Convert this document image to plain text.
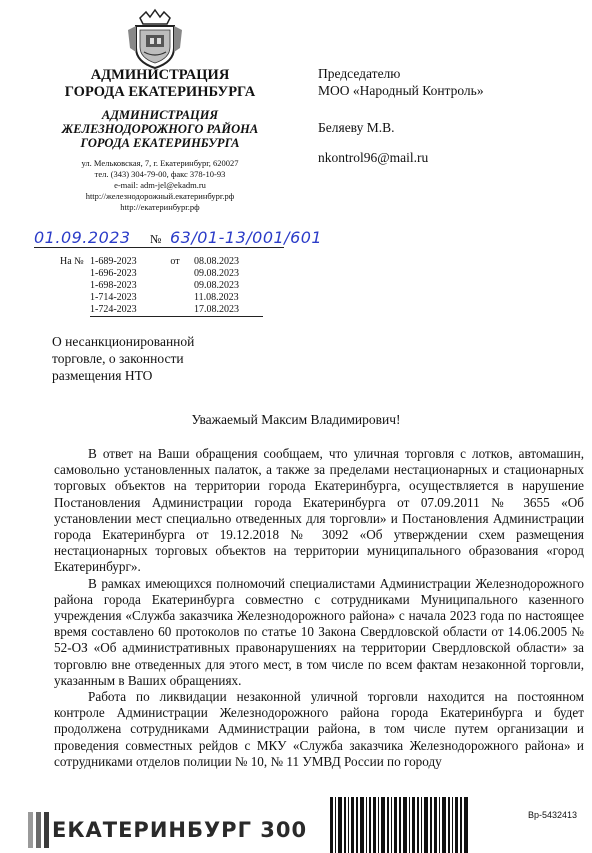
АДМИНИСТРАЦИЯ
ГОРОДА ЕКАТЕРИНБУРГА
АДМИНИСТРАЦИЯ
ЖЕЛЕЗНОДОРОЖНОГО РАЙОНА
ГОРОДА ЕКАТЕРИНБУРГА
ул. Мельковская, 7, г. Екатеринбург, 620027
тел. (343) 304-79-00, факс 378-10-93
e-mail: adm-jel@ekadm.ru
http://железнодорожный.екатеринбург.рф
http://екатеринбург.рф
Председателю
МОО «Народный Контроль»
Беляеву М.В.
nkontrol96@mail.ru
01.09.2023 № 63/01-13/001/601
На №	1-689-2023	от	08.08.2023
	1-696-2023		09.08.2023
	1-698-2023		09.08.2023
	1-714-2023		11.08.2023
	1-724-2023		17.08.2023
О несанкционированной
торговле, о законности
размещения НТО
Уважаемый Максим Владимирович!

В ответ на Ваши обращения сообщаем, что уличная торговля с лотков, автомашин, самовольно установленных палаток, а также за пределами нестационарных и стационарных торговых объектов на территории города Екатеринбурга, осуществляется в нарушение Постановления Администрации города Екатеринбурга от 07.09.2011 № 3655 «Об установлении мест специально отведенных для торговли» и Постановления Администрации города Екатеринбурга от 19.12.2018 № 3092 «Об утверждении схем размещения нестационарных торговых объектов на территории муниципального образования «город Екатеринбург».

В рамках имеющихся полномочий специалистами Администрации Железнодорожного района города Екатеринбурга совместно с сотрудниками Муниципального казенного учреждения «Служба заказчика Железнодорожного района» с начала 2023 года по настоящее время составлено 60 протоколов по статье 10 Закона Свердловской области от 14.06.2005 № 52-ОЗ «Об административных правонарушениях на территории Свердловской области» за торговлю вне отведенных для этого мест, в том числе по всем фактам незаконной торговли, указанным в Ваших обращениях.

Работа по ликвидации незаконной уличной торговли находится на постоянном контроле Администрации Железнодорожного района города Екатеринбурга и будет продолжена сотрудниками Администрации района, в том числе путем организации и проведения совместных рейдов с МКУ «Служба заказчика Железнодорожного района» и сотрудниками отделов полиции № 10, № 11 УМВД России по городу

ЕКАТЕРИНБУРГ 300
Вр-5432413
